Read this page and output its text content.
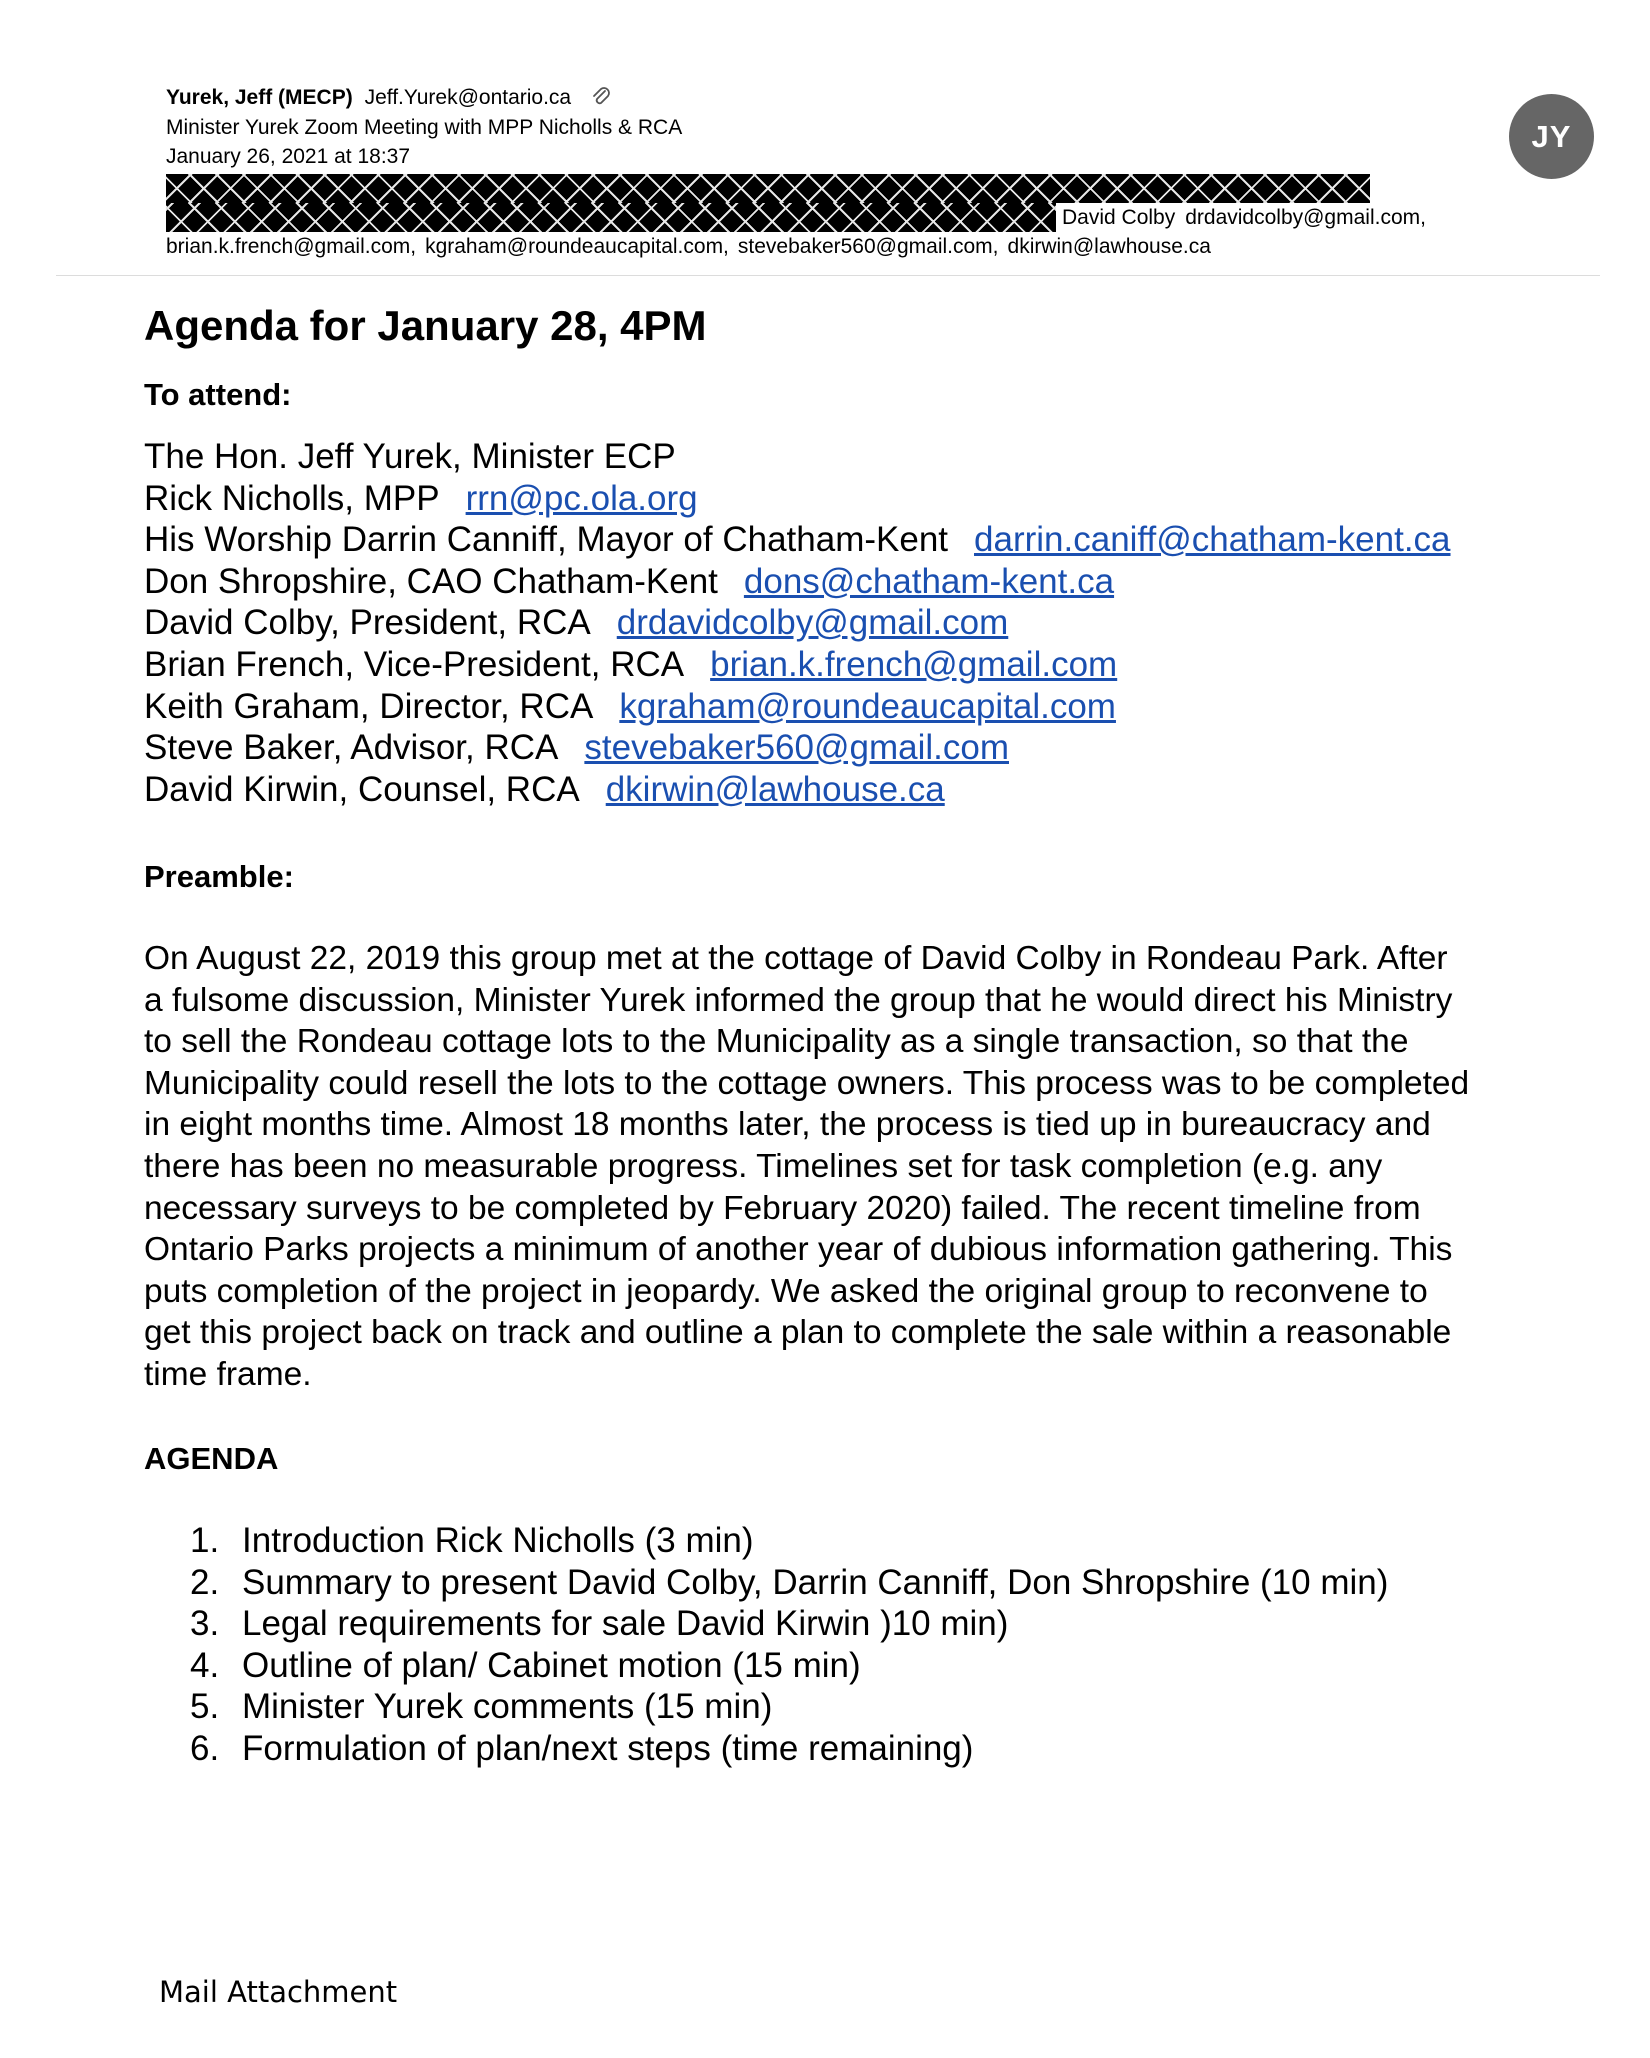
Yurek, Jeff (MECP) Jeff.Yurek@ontario.ca
Minister Yurek Zoom Meeting with MPP Nicholls & RCA
January 26, 2021 at 18:37
David Colby drdavidcolby@gmail.com,
brian.k.french@gmail.com, kgraham@roundeaucapital.com, stevebaker560@gmail.com, dkirwin@lawhouse.ca
JY
Agenda for January 28, 4PM
To attend:
The Hon. Jeff Yurek, Minister ECP
Rick Nicholls, MPP rrn@pc.ola.org
His Worship Darrin Canniff, Mayor of Chatham-Kent darrin.caniff@chatham-kent.ca
Don Shropshire, CAO Chatham-Kent dons@chatham-kent.ca
David Colby, President, RCA drdavidcolby@gmail.com
Brian French, Vice-President, RCA brian.k.french@gmail.com
Keith Graham, Director, RCA kgraham@roundeaucapital.com
Steve Baker, Advisor, RCA stevebaker560@gmail.com
David Kirwin, Counsel, RCA dkirwin@lawhouse.ca
Preamble:
On August 22, 2019 this group met at the cottage of David Colby in Rondeau Park. After
a fulsome discussion, Minister Yurek informed the group that he would direct his Ministry
to sell the Rondeau cottage lots to the Municipality as a single transaction, so that the
Municipality could resell the lots to the cottage owners. This process was to be completed
in eight months time. Almost 18 months later, the process is tied up in bureaucracy and
there has been no measurable progress. Timelines set for task completion (e.g. any
necessary surveys to be completed by February 2020) failed. The recent timeline from
Ontario Parks projects a minimum of another year of dubious information gathering. This
puts completion of the project in jeopardy. We asked the original group to reconvene to
get this project back on track and outline a plan to complete the sale within a reasonable
time frame.
AGENDA
1. Introduction Rick Nicholls (3 min)
2. Summary to present David Colby, Darrin Canniff, Don Shropshire (10 min)
3. Legal requirements for sale David Kirwin )10 min)
4. Outline of plan/ Cabinet motion (15 min)
5. Minister Yurek comments (15 min)
6. Formulation of plan/next steps (time remaining)
Mail Attachment
